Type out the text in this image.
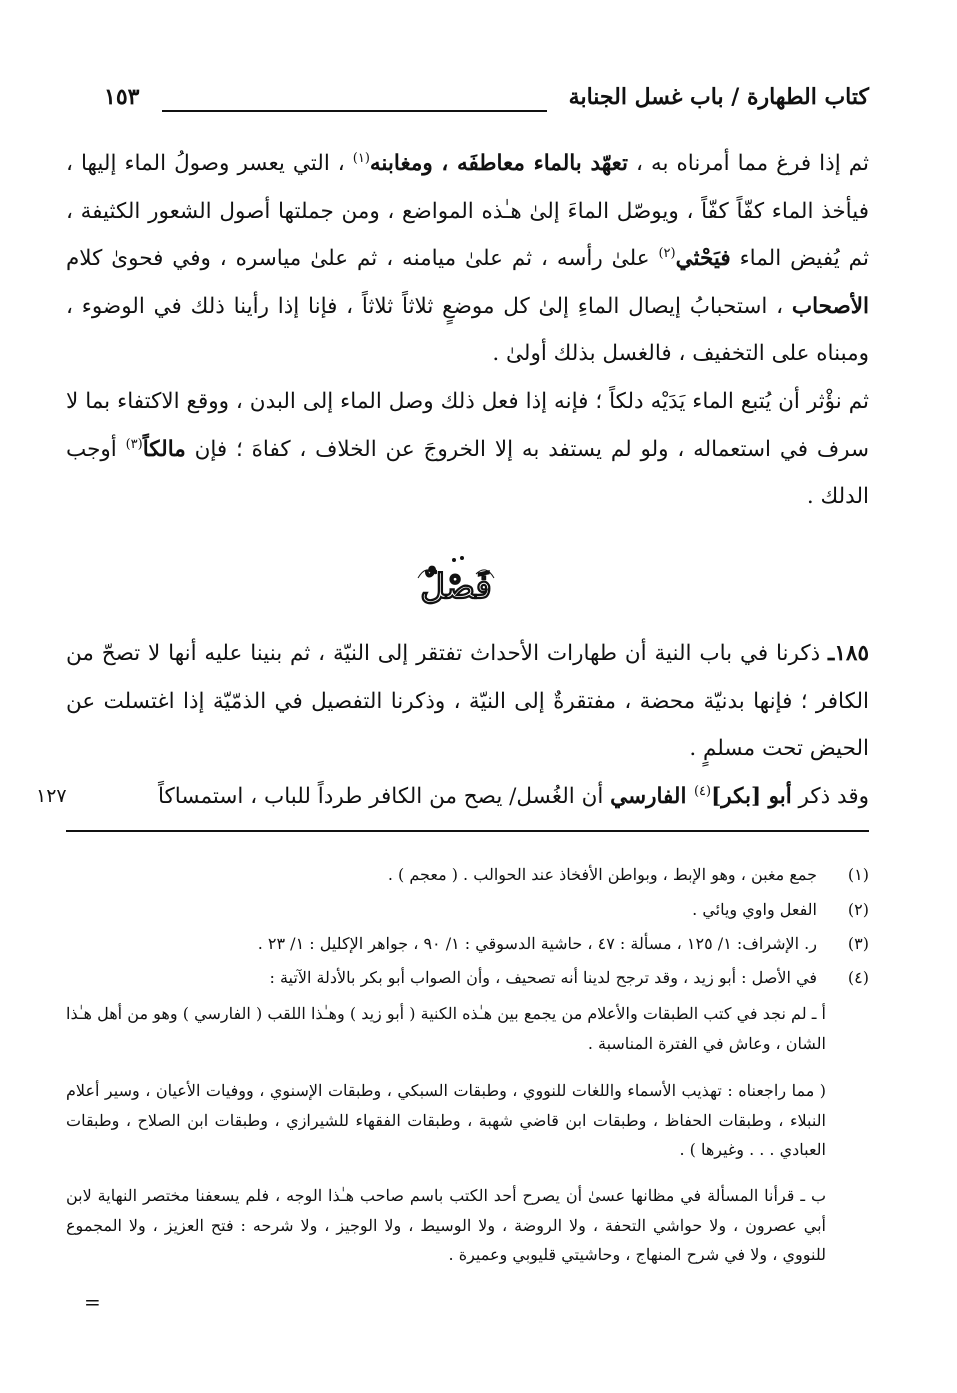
كتاب الطهارة / باب غسل الجنابة
١٥٣
ثم إذا فرغ مما أمرناه به ، تعهّد بالماء معاطفَه ، ومغابنه$^{(١)}$ ، التي يعسر وصولُ الماء إليها ، فيأخذ الماء كفّاً كفّاً ، ويوصّل الماءَ إلىٰ هـٰذه المواضع ، ومن جملتها أصول الشعور الكثيفة ، ثم يُفيض الماء فيَحْثي$^{(٢)}$ علىٰ رأسه ، ثم علىٰ ميامنه ، ثم علىٰ مياسره ، وفي فحوىٰ كلام الأصحاب ، استحبابُ إيصال الماءِ إلىٰ كل موضعٍ ثلاثاً ثلاثاً ، فإنا إذا رأينا ذلك في الوضوء ، ومبناه على التخفيف ، فالغسل بذلك أولىٰ .
ثم نؤْثر أن يُتبع الماء يَدَيْه دلكاً ؛ فإنه إذا فعل ذلك وصل الماء إلى البدن ، ووقع الاكتفاء بما لا سرف في استعماله ، ولو لم يستفد به إلا الخروجَ عن الخلاف ، كفاهَ ؛ فإن مالكاً$^{(٣)}$ أوجب الدلك .
فَصْلٌ
١٨٥ـ ذكرنا في باب النية أن طهارات الأحداث تفتقر إلى النيّة ، ثم بنينا عليه أنها لا تصحّ من الكافر ؛ فإنها بدنيّة محضة ، مفتقرةٌ إلى النيّة ، وذكرنا التفصيل في الذمّيّة إذا اغتسلت عن الحيض تحت مسلمٍ .
وقد ذكر أبو [بكر]$^{(٤)}$ الفارسي أن الغُسل/ يصح من الكافر طرداً للباب ، استمساكاً
١٢٧
(١)
جمع مغبن ، وهو الإبط ، وبواطن الأفخاذ عند الحوالب . ( معجم ) .
(٢)
الفعل واوي ويائي .
(٣)
ر. الإشراف: ١/ ١٢٥ ، مسألة : ٤٧ ، حاشية الدسوقي : ١/ ٩٠ ، جواهر الإكليل : ١/ ٢٣ .
(٤)
في الأصل : أبو زيد ، وقد ترجح لدينا أنه تصحيف ، وأن الصواب أبو بكر بالأدلة الآتية :
أ ـ لم نجد في كتب الطبقات والأعلام من يجمع بين هـٰذه الكنية ( أبو زيد ) وهـٰذا اللقب ( الفارسي ) وهو من أهل هـٰذا الشان ، وعاش في الفترة المناسبة .
( مما راجعناه : تهذيب الأسماء واللغات للنووي ، وطبقات السبكي ، وطبقات الإسنوي ، ووفيات الأعيان ، وسير أعلام النبلاء ، وطبقات الحفاظ ، وطبقات ابن قاضي شهبة ، وطبقات الفقهاء للشيرازي ، وطبقات ابن الصلاح ، وطبقات العبادي . . . وغيرها ) .
ب ـ قرأنا المسألة في مظانها عسىٰ أن يصرح أحد الكتب باسم صاحب هـٰذا الوجه ، فلم يسعفنا مختصر النهاية لابن أبي عصرون ، ولا حواشي التحفة ، ولا الروضة ، ولا الوسيط ، ولا الوجيز ، ولا شرحه : فتح العزيز ، ولا المجموع للنووي ، ولا في شرح المنهاج ، وحاشيتي قليوبي وعميرة .
=
